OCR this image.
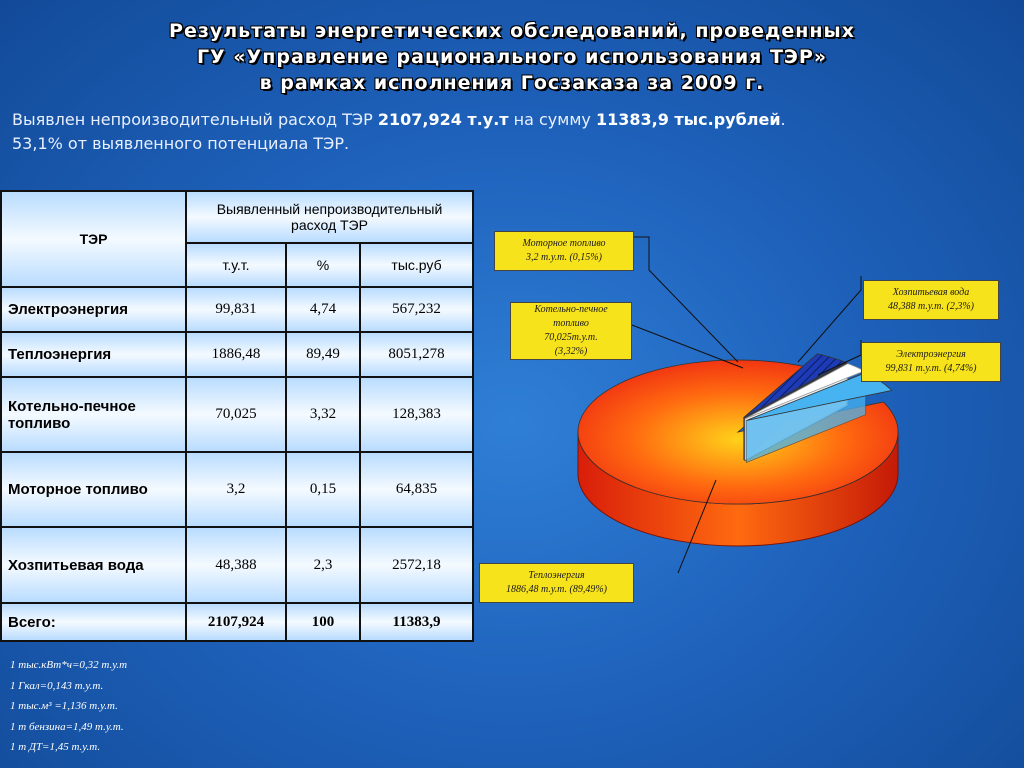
Результаты энергетических обследований, проведенных
ГУ «Управление рационального использования ТЭР»
в рамках исполнения Госзаказа за 2009 г.
Выявлен непроизводительный расход ТЭР 2107,924 т.у.т на сумму 11383,9 тыс.рублей.
53,1% от выявленного потенциала ТЭР.
ТЭР	Выявленный непроизводительный расход ТЭР		
	т.у.т.	%	тыс.руб
Электроэнергия	99,831	4,74	567,232
Теплоэнергия	1886,48	89,49	8051,278
Котельно-печное топливо	70,025	3,32	128,383
Моторное топливо	3,2	0,15	64,835
Хозпитьевая вода	48,388	2,3	2572,18
Всего:	2107,924	100	11383,9
1 тыс.кВт*ч=0,32 т.у.т
1 Гкал=0,143 т.у.т.
1 тыс.м³ =1,136 т.у.т.
1 т бензина=1,49 т.у.т.
1 т ДТ=1,45 т.у.т.
Моторное топливо
3,2 т.у.т. (0,15%)
Котельно-печное
топливо
70,025т.у.т.
(3,32%)
Хозпитьевая вода
48,388 т.у.т. (2,3%)
Электроэнергия
99,831 т.у.т. (4,74%)
Теплоэнергия
1886,48 т.у.т. (89,49%)
